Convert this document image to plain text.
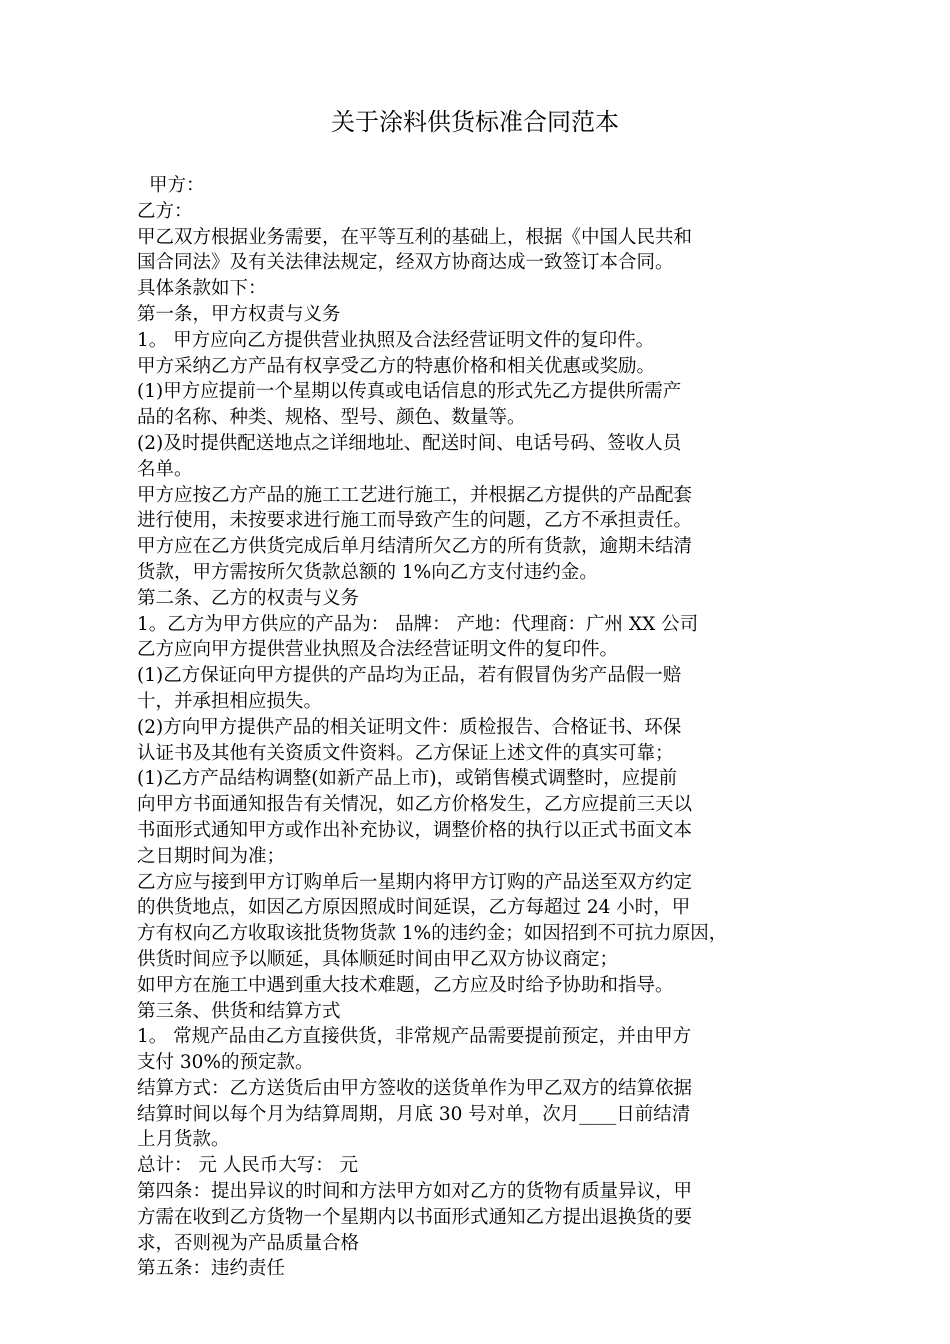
关于涂料供货标准合同范本
甲方：
乙方：
甲乙双方根据业务需要，在平等互利的基础上，根据《中国人民共和
国合同法》及有关法律法规定，经双方协商达成一致签订本合同。
具体条款如下：
第一条，甲方权责与义务
1。 甲方应向乙方提供营业执照及合法经营证明文件的复印件。
甲方采纳乙方产品有权享受乙方的特惠价格和相关优惠或奖励。
(1)甲方应提前一个星期以传真或电话信息的形式先乙方提供所需产
品的名称、种类、规格、型号、颜色、数量等。
(2)及时提供配送地点之详细地址、配送时间、电话号码、签收人员
名单。
甲方应按乙方产品的施工工艺进行施工，并根据乙方提供的产品配套
进行使用，未按要求进行施工而导致产生的问题，乙方不承担责任。
甲方应在乙方供货完成后单月结清所欠乙方的所有货款，逾期未结清
货款，甲方需按所欠货款总额的 1%向乙方支付违约金。
第二条、乙方的权责与义务
1。乙方为甲方供应的产品为： 品牌： 产地：代理商：广州 XX 公司
乙方应向甲方提供营业执照及合法经营证明文件的复印件。
(1)乙方保证向甲方提供的产品均为正品，若有假冒伪劣产品假一赔
十，并承担相应损失。
(2)方向甲方提供产品的相关证明文件：质检报告、合格证书、环保
认证书及其他有关资质文件资料。乙方保证上述文件的真实可靠；
(1)乙方产品结构调整(如新产品上市)，或销售模式调整时，应提前
向甲方书面通知报告有关情况，如乙方价格发生，乙方应提前三天以
书面形式通知甲方或作出补充协议，调整价格的执行以正式书面文本
之日期时间为准；
乙方应与接到甲方订购单后一星期内将甲方订购的产品送至双方约定
的供货地点，如因乙方原因照成时间延误，乙方每超过 24 小时，甲
方有权向乙方收取该批货物货款 1%的违约金；如因招到不可抗力原因，
供货时间应予以顺延，具体顺延时间由甲乙双方协议商定；
如甲方在施工中遇到重大技术难题，乙方应及时给予协助和指导。
第三条、供货和结算方式
1。 常规产品由乙方直接供货，非常规产品需要提前预定，并由甲方
支付 30%的预定款。
结算方式：乙方送货后由甲方签收的送货单作为甲乙双方的结算依据
结算时间以每个月为结算周期，月底 30 号对单，次月____日前结清
上月货款。
总计： 元 人民币大写： 元
第四条：提出异议的时间和方法甲方如对乙方的货物有质量异议，甲
方需在收到乙方货物一个星期内以书面形式通知乙方提出退换货的要
求，否则视为产品质量合格
第五条：违约责任
